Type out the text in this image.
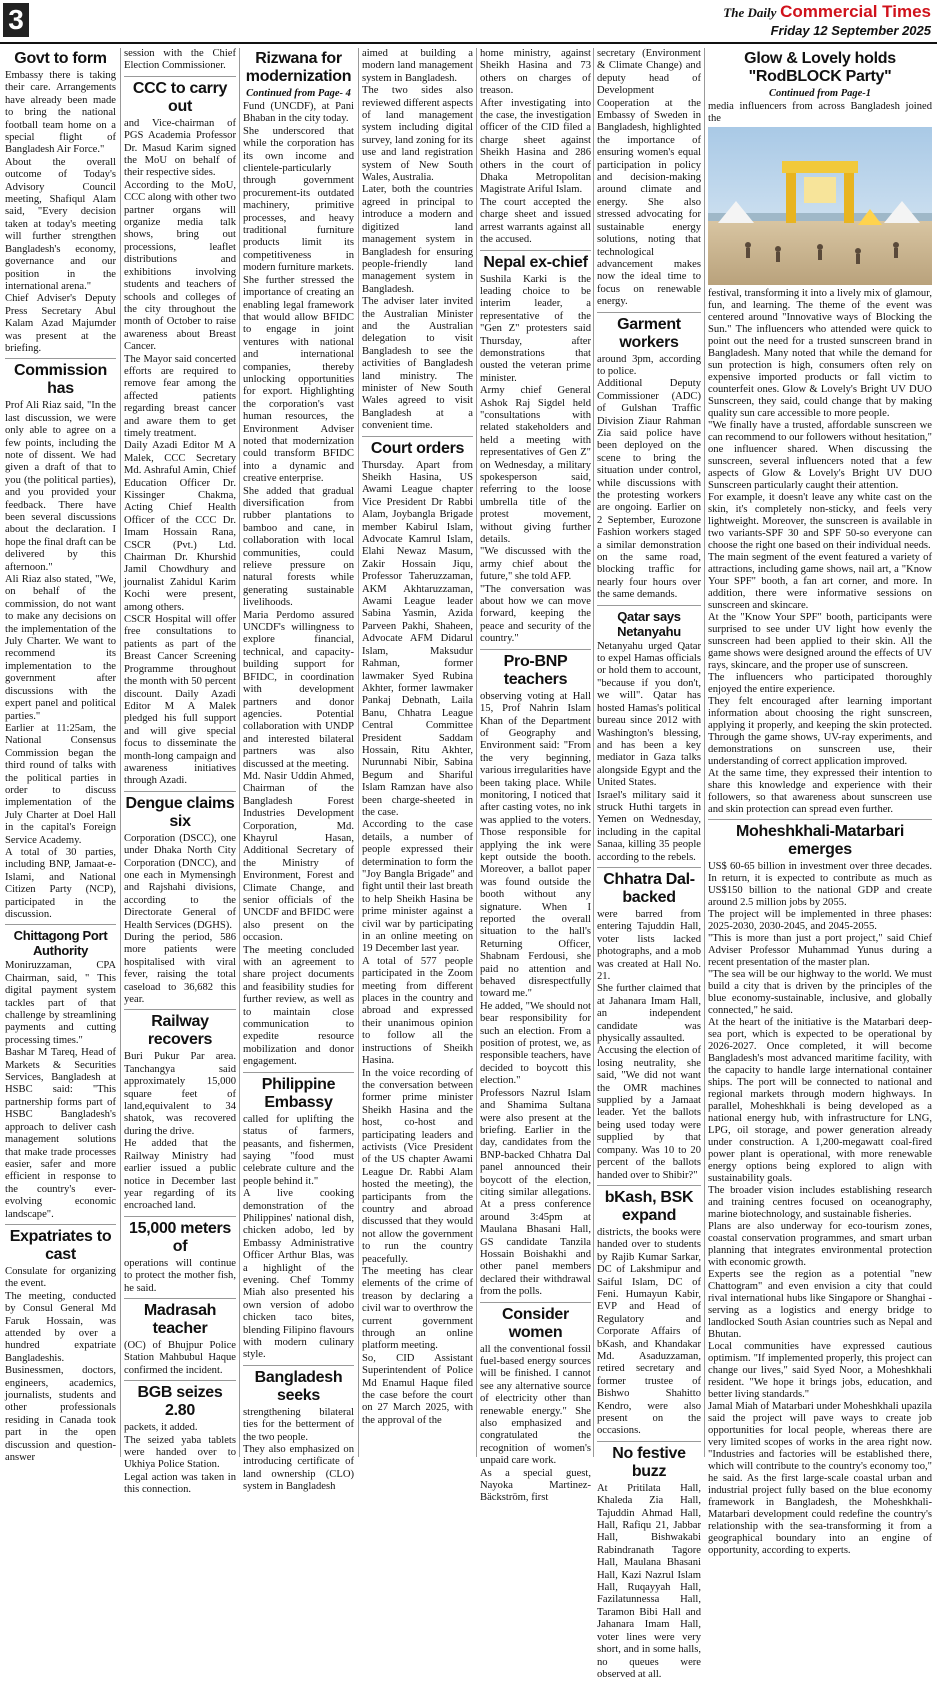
3	The Daily Commercial Times
Friday 12 September 2025
Govt to form

Embassy there is taking their care. Arrangements have already been made to bring the national football team home on a special flight of Bangladesh Air Force."

About the overall outcome of Today's Advisory Council meeting, Shafiqul Alam said, "Every decision taken at today's meeting will further strengthen Bangladesh's economy, governance and our position in the international arena."

Chief Adviser's Deputy Press Secretary Abul Kalam Azad Majumder was present at the briefing.

Commission has

Prof Ali Riaz said, "In the last discussion, we were only able to agree on a few points, including the note of dissent. We had given a draft of that to you (the political parties), and you provided your feedback. There have been several discussions about the declaration. I hope the final draft can be delivered by this afternoon."

Ali Riaz also stated, "We, on behalf of the commission, do not want to make any decisions on the implementation of the July Charter. We want to recommend its implementation to the government after discussions with the expert panel and political parties."

Earlier at 11:25am, the National Consensus Commission began the third round of talks with the political parties in order to discuss implementation of the July Charter at Doel Hall in the capital's Foreign Service Academy.

A total of 30 parties, including BNP, Jamaat-e-Islami, and National Citizen Party (NCP), participated in the discussion.

Chittagong Port Authority

Moniruzzaman, CPA Chairman, said, " This digital payment system tackles part of that challenge by streamlining payments and cutting processing times."

Bashar M Tareq, Head of Markets & Securities Services, Bangladesh at HSBC said: "This partnership forms part of HSBC Bangladesh's approach to deliver cash management solutions that make trade processes easier, safer and more efficient in response to the country's ever-evolving economic landscape".

Expatriates to cast

Consulate for organizing the event.

The meeting, conducted by Consul General Md Faruk Hossain, was attended by over a hundred expatriate Bangladeshis. Businessmen, doctors, engineers, academics, journalists, students and other professionals residing in Canada took part in the open discussion and question-answer

session with the Chief Election Commissioner.

CCC to carry out

and Vice-chairman of PGS Academia Professor Dr. Masud Karim signed the MoU on behalf of their respective sides.

According to the MoU, CCC along with other two partner organs will organize media talk shows, bring out processions, leaflet distributions and exhibitions involving students and teachers of schools and colleges of the city throughout the month of October to raise awareness about Breast Cancer.

The Mayor said concerted efforts are required to remove fear among the affected patients regarding breast cancer and aware them to get timely treatment.

Daily Azadi Editor M A Malek, CCC Secretary Md. Ashraful Amin, Chief Education Officer Dr. Kissinger Chakma, Acting Chief Health Officer of the CCC Dr. Imam Hossain Rana, CSCR (Pvt.) Ltd. Chairman Dr. Khurshid Jamil Chowdhury and journalist Zahidul Karim Kochi were present, among others.

CSCR Hospital will offer free consultations to patients as part of the Breast Cancer Screening Programme throughout the month with 50 percent discount. Daily Azadi Editor M A Malek pledged his full support and will give special focus to disseminate the month-long campaign and awareness initiatives through Azadi.

Dengue claims six

Corporation (DSCC), one under Dhaka North City Corporation (DNCC), and one each in Mymensingh and Rajshahi divisions, according to the Directorate General of Health Services (DGHS).

During the period, 586 more patients were hospitalised with viral fever, raising the total caseload to 36,682 this year.

Railway recovers

Buri Pukur Par area. Tanchangya said approximately 15,000 square feet of land,equivalent to 34 shatok, was recovered during the drive.

He added that the Railway Ministry had earlier issued a public notice in December last year regarding of its encroached land.

15,000 meters of

operations will continue to protect the mother fish, he said.

Madrasah teacher

(OC) of Bhujpur Police Station Mahbubul Haque confirmed the incident.

BGB seizes 2.80

packets, it added.

The seized yaba tablets were handed over to Ukhiya Police Station.

Legal action was taken in this connection.

Rizwana for modernization
Continued from Page- 4

Fund (UNCDF), at Pani Bhaban in the city today.

She underscored that while the corporation has its own income and clientele-particularly through government procurement-its outdated machinery, primitive processes, and heavy traditional furniture products limit its competitiveness in modern furniture markets.

She further stressed the importance of creating an enabling legal framework that would allow BFIDC to engage in joint ventures with national and international companies, thereby unlocking opportunities for export. Highlighting the corporation's vast human resources, the Environment Adviser noted that modernization could transform BFIDC into a dynamic and creative enterprise.

She added that gradual diversification from rubber plantations to bamboo and cane, in collaboration with local communities, could relieve pressure on natural forests while generating sustainable livelihoods.

Maria Perdomo assured UNCDF's willingness to explore financial, technical, and capacity-building support for BFIDC, in coordination with development partners and donor agencies. Potential collaboration with UNDP and interested bilateral partners was also discussed at the meeting.

Md. Nasir Uddin Ahmed, Chairman of the Bangladesh Forest Industries Development Corporation, Md. Khayrul Hasan, Additional Secretary of the Ministry of Environment, Forest and Climate Change, and senior officials of the UNCDF and BFIDC were also present on the occasion.

The meeting concluded with an agreement to share project documents and feasibility studies for further review, as well as to maintain close communication to expedite resource mobilization and donor engagement.

Philippine Embassy

called for uplifting the status of farmers, peasants, and fishermen, saying "food must celebrate culture and the people behind it."

A live cooking demonstration of the Philippines' national dish, chicken adobo, led by Embassy Administrative Officer Arthur Blas, was a highlight of the evening. Chef Tommy Miah also presented his own version of adobo chicken taco bites, blending Filipino flavours with modern culinary style.

Bangladesh seeks

strengthening bilateral ties for the betterment of the two people.

They also emphasized on introducing certificate of land ownership (CLO) system in Bangladesh

aimed at building a modern land management system in Bangladesh.

The two sides also reviewed different aspects of land management system including digital survey, land zoning for its use and land registration system of New South Wales, Australia.

Later, both the countries agreed in principal to introduce a modern and digitized land management system in Bangladesh for ensuring people-friendly land management system in Bangladesh.

The adviser later invited the Australian Minister and the Australian delegation to visit Bangladesh to see the activities of Bangladesh land ministry. The minister of New South Wales agreed to visit Bangladesh at a convenient time.

Court orders

Thursday. Apart from Sheikh Hasina, US Awami League chapter Vice President Dr Rabbi Alam, Joybangla Brigade member Kabirul Islam, Advocate Kamrul Islam, Elahi Newaz Masum, Zakir Hossain Jiqu, Professor Taheruzzaman, AKM Akhtaruzzaman, Awami League leader Sabina Yasmin, Azida Parveen Pakhi, Shaheen, Advocate AFM Didarul Islam, Maksudur Rahman, former lawmaker Syed Rubina Akhter, former lawmaker Pankaj Debnath, Laila Banu, Chhatra League Central Committee President Saddam Hossain, Ritu Akhter, Nurunnabi Nibir, Sabina Begum and Shariful Islam Ramzan have also been charge-sheeted in the case.

According to the case details, a number of people expressed their determination to form the "Joy Bangla Brigade" and fight until their last breath to help Sheikh Hasina be prime minister against a civil war by participating in an online meeting on 19 December last year.

A total of 577 people participated in the Zoom meeting from different places in the country and abroad and expressed their unanimous opinion to follow all the instructions of Sheikh Hasina.

In the voice recording of the conversation between former prime minister Sheikh Hasina and the host, co-host and participating leaders and activists (Vice President of the US chapter Awami League Dr. Rabbi Alam hosted the meeting), the participants from the country and abroad discussed that they would not allow the government to run the country peacefully.

The meeting has clear elements of the crime of treason by declaring a civil war to overthrow the current government through an online platform meeting.

So, CID Assistant Superintendent of Police Md Enamul Haque filed the case before the court on 27 March 2025, with the approval of the

home ministry, against Sheikh Hasina and 73 others on charges of treason.

After investigating into the case, the investigation officer of the CID filed a charge sheet against Sheikh Hasina and 286 others in the court of Dhaka Metropolitan Magistrate Ariful Islam.

The court accepted the charge sheet and issued arrest warrants against all the accused.

Nepal ex-chief

Sushila Karki is the leading choice to be interim leader, a representative of the "Gen Z" protesters said Thursday, after demonstrations that ousted the veteran prime minister.

Army chief General Ashok Raj Sigdel held "consultations with related stakeholders and held a meeting with representatives of Gen Z" on Wednesday, a military spokesperson said, referring to the loose umbrella title of the protest movement, without giving further details.

"We discussed with the army chief about the future," she told AFP.

"The conversation was about how we can move forward, keeping the peace and security of the country."

Pro-BNP teachers

observing voting at Hall 15, Prof Nahrin Islam Khan of the Department of Geography and Environment said: "From the very beginning, various irregularities have been taking place. While monitoring, I noticed that after casting votes, no ink was applied to the voters. Those responsible for applying the ink were kept outside the booth. Moreover, a ballot paper was found outside the booth without any signature. When I reported the overall situation to the hall's Returning Officer, Shabnam Ferdousi, she paid no attention and behaved disrespectfully toward me."

He added, "We should not bear responsibility for such an election. From a position of protest, we, as responsible teachers, have decided to boycott this election."

Professors Nazrul Islam and Shamima Sultana were also present at the briefing. Earlier in the day, candidates from the BNP-backed Chhatra Dal panel announced their boycott of the election, citing similar allegations. At a press conference around 3:45pm at Maulana Bhasani Hall, GS candidate Tanzila Hossain Boishakhi and other panel members declared their withdrawal from the polls.

Consider women

all the conventional fossil fuel-based energy sources will be finished. I cannot see any alternative source of electricity other than renewable energy." She also emphasized and congratulated the recognition of women's unpaid care work.

As a special guest, Nayoka Martinez-Bäckström, first

secretary (Environment & Climate Change) and deputy head of Development Cooperation at the Embassy of Sweden in Bangladesh, highlighted the importance of ensuring women's equal participation in policy and decision-making around climate and energy. She also stressed advocating for sustainable energy solutions, noting that technological advancement makes now the ideal time to focus on renewable energy.

Garment workers

around 3pm, according to police.

Additional Deputy Commissioner (ADC) of Gulshan Traffic Division Ziaur Rahman Zia said police have been deployed on the scene to bring the situation under control, while discussions with the protesting workers are ongoing. Earlier on 2 September, Eurozone Fashion workers staged a similar demonstration on the same road, blocking traffic for nearly four hours over the same demands.

Qatar says Netanyahu

Netanyahu urged Qatar to expel Hamas officials or hold them to account, "because if you don't, we will". Qatar has hosted Hamas's political bureau since 2012 with Washington's blessing, and has been a key mediator in Gaza talks alongside Egypt and the United States.

Israel's military said it struck Huthi targets in Yemen on Wednesday, including in the capital Sanaa, killing 35 people according to the rebels.

Chhatra Dal-backed

were barred from entering Tajuddin Hall, voter lists lacked photographs, and a mob was created at Hall No. 21.

She further claimed that at Jahanara Imam Hall, an independent candidate was physically assaulted.

Accusing the election of losing neutrality, she said, "We did not want the OMR machines supplied by a Jamaat leader. Yet the ballots being used today were supplied by that company. Was 10 to 20 percent of the ballots handed over to Shibir?"

bKash, BSK expand

districts, the books were handed over to students by Rajib Kumar Sarkar, DC of Lakshmipur and Saiful Islam, DC of Feni. Humayun Kabir, EVP and Head of Regulatory and Corporate Affairs of bKash, and Khandakar Md. Asaduzzaman, retired secretary and former trustee of Bishwo Shahitto Kendro, were also present on the occasions.

No festive buzz

At Pritilata Hall, Khaleda Zia Hall, Tajuddin Ahmad Hall, Hall, Rafiqu 21, Jabbar Hall, Bishwakabi Rabindranath Tagore Hall, Maulana Bhasani Hall, Kazi Nazrul Islam Hall, Ruqayyah Hall, Fazilatunnessa Hall, Taramon Bibi Hall and Jahanara Imam Hall, voter lines were very short, and in some halls, no queues were observed at all.

Glow & Lovely holds "RodBLOCK Party"
Continued from Page-1

media influencers from across Bangladesh joined the

festival, transforming it into a lively mix of glamour, fun, and learning. The theme of the event was centered around "Innovative ways of Blocking the Sun." The influencers who attended were quick to point out the need for a trusted sunscreen brand in Bangladesh. Many noted that while the demand for sun protection is high, consumers often rely on expensive imported products or fall victim to counterfeit ones. Glow & Lovely's Bright UV DUO Sunscreen, they said, could change that by making quality sun care accessible to more people.

"We finally have a trusted, affordable sunscreen we can recommend to our followers without hesitation," one influencer shared. When discussing the sunscreen, several influencers noted that a few aspects of Glow & Lovely's Bright UV DUO Sunscreen particularly caught their attention.

For example, it doesn't leave any white cast on the skin, it's completely non-sticky, and feels very lightweight. Moreover, the sunscreen is available in two variants-SPF 30 and SPF 50-so everyone can choose the right one based on their individual needs.

The main segment of the event featured a variety of attractions, including game shows, nail art, a "Know Your SPF" booth, a fan art corner, and more. In addition, there were informative sessions on sunscreen and skincare.

At the "Know Your SPF" booth, participants were surprised to see under UV light how evenly the sunscreen had been applied to their skin. All the game shows were designed around the effects of UV rays, skincare, and the proper use of sunscreen.

The influencers who participated thoroughly enjoyed the entire experience.

They felt encouraged after learning important information about choosing the right sunscreen, applying it properly, and keeping the skin protected. Through the game shows, UV-ray experiments, and demonstrations on sunscreen use, their understanding of correct application improved.

At the same time, they expressed their intention to share this knowledge and experience with their followers, so that awareness about sunscreen use and skin protection can spread even further.

Moheshkhali-Matarbari emerges

US$ 60-65 billion in investment over three decades. In return, it is expected to contribute as much as US$150 billion to the national GDP and create around 2.5 million jobs by 2055.

The project will be implemented in three phases: 2025-2030, 2030-2045, and 2045-2055.

"This is more than just a port project," said Chief Adviser Professor Muhammad Yunus during a recent presentation of the master plan.

"The sea will be our highway to the world. We must build a city that is driven by the principles of the blue economy-sustainable, inclusive, and globally connected," he said.

At the heart of the initiative is the Matarbari deep-sea port, which is expected to be operational by 2026-2027. Once completed, it will become Bangladesh's most advanced maritime facility, with the capacity to handle large international container ships. The port will be connected to national and regional markets through modern highways. In parallel, Moheshkhali is being developed as a national energy hub, with infrastructure for LNG, LPG, oil storage, and power generation already under construction. A 1,200-megawatt coal-fired power plant is operational, with more renewable energy options being explored to align with sustainability goals.

The broader vision includes establishing research and training centres focused on oceanography, marine biotechnology, and sustainable fisheries.

Plans are also underway for eco-tourism zones, coastal conservation programmes, and smart urban planning that integrates environmental protection with economic growth.

Experts see the region as a potential "new Chattogram" and even envision a city that could rival international hubs like Singapore or Shanghai - serving as a logistics and energy bridge to landlocked South Asian countries such as Nepal and Bhutan.

Local communities have expressed cautious optimism. "If implemented properly, this project can change our lives," said Syed Noor, a Moheshkhali resident. "We hope it brings jobs, education, and better living standards."

Jamal Miah of Matarbari under Moheshkhali upazila said the project will pave ways to create job opportunities for local people, whereas there are very limited scopes of works in the area right now. "Industries and factories will be established there, which will contribute to the country's economy too," he said. As the first large-scale coastal urban and industrial project fully based on the blue economy framework in Bangladesh, the Moheshkhali-Matarbari development could redefine the country's relationship with the sea-transforming it from a geographical boundary into an engine of opportunity, according to experts.
